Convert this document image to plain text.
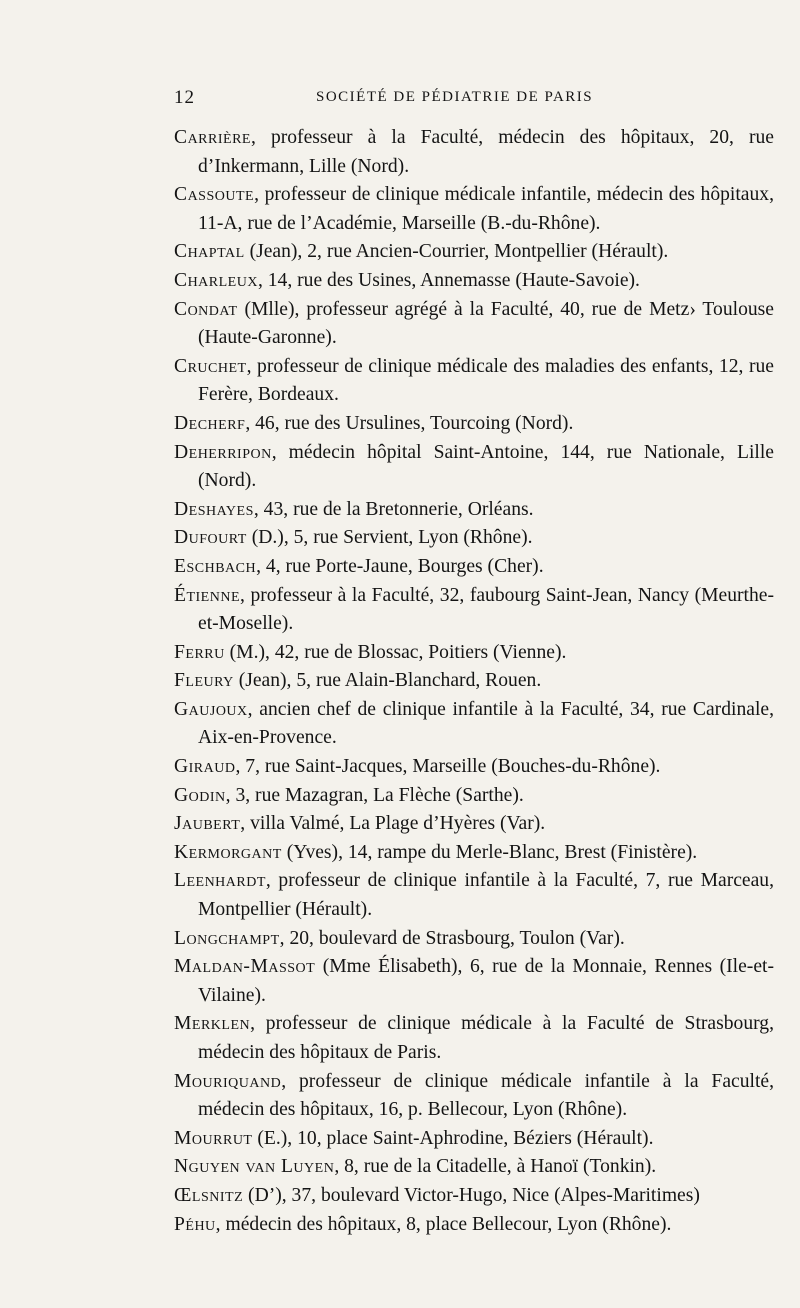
12	SOCIÉTÉ DE PÉDIATRIE DE PARIS

Carrière, professeur à la Faculté, médecin des hôpitaux, 20, rue d’Inkermann, Lille (Nord).

Cassoute, professeur de clinique médicale infantile, médecin des hôpitaux, 11-A, rue de l’Académie, Marseille (B.-du-Rhône).

Chaptal (Jean), 2, rue Ancien-Courrier, Montpellier (Hérault).

Charleux, 14, rue des Usines, Annemasse (Haute-Savoie).

Condat (Mlle), professeur agrégé à la Faculté, 40, rue de Metz› Toulouse (Haute-Garonne).

Cruchet, professeur de clinique médicale des maladies des enfants, 12, rue Ferère, Bordeaux.

Decherf, 46, rue des Ursulines, Tourcoing (Nord).

Deherripon, médecin hôpital Saint-Antoine, 144, rue Nationale, Lille (Nord).

Deshayes, 43, rue de la Bretonnerie, Orléans.

Dufourt (D.), 5, rue Servient, Lyon (Rhône).

Eschbach, 4, rue Porte-Jaune, Bourges (Cher).

Étienne, professeur à la Faculté, 32, faubourg Saint-Jean, Nancy (Meurthe-et-Moselle).

Ferru (M.), 42, rue de Blossac, Poitiers (Vienne).

Fleury (Jean), 5, rue Alain-Blanchard, Rouen.

Gaujoux, ancien chef de clinique infantile à la Faculté, 34, rue Cardinale, Aix-en-Provence.

Giraud, 7, rue Saint-Jacques, Marseille (Bouches-du-Rhône).

Godin, 3, rue Mazagran, La Flèche (Sarthe).

Jaubert, villa Valmé, La Plage d’Hyères (Var).

Kermorgant (Yves), 14, rampe du Merle-Blanc, Brest (Finistère).

Leenhardt, professeur de clinique infantile à la Faculté, 7, rue Marceau, Montpellier (Hérault).

Longchampt, 20, boulevard de Strasbourg, Toulon (Var).

Maldan-Massot (Mme Élisabeth), 6, rue de la Monnaie, Rennes (Ile-et-Vilaine).

Merklen, professeur de clinique médicale à la Faculté de Strasbourg, médecin des hôpitaux de Paris.

Mouriquand, professeur de clinique médicale infantile à la Faculté, médecin des hôpitaux, 16, p. Bellecour, Lyon (Rhône).

Mourrut (E.), 10, place Saint-Aphrodine, Béziers (Hérault).

Nguyen van Luyen, 8, rue de la Citadelle, à Hanoï (Tonkin).

Œlsnitz (D’), 37, boulevard Victor-Hugo, Nice (Alpes-Maritimes)

Péhu, médecin des hôpitaux, 8, place Bellecour, Lyon (Rhône).
